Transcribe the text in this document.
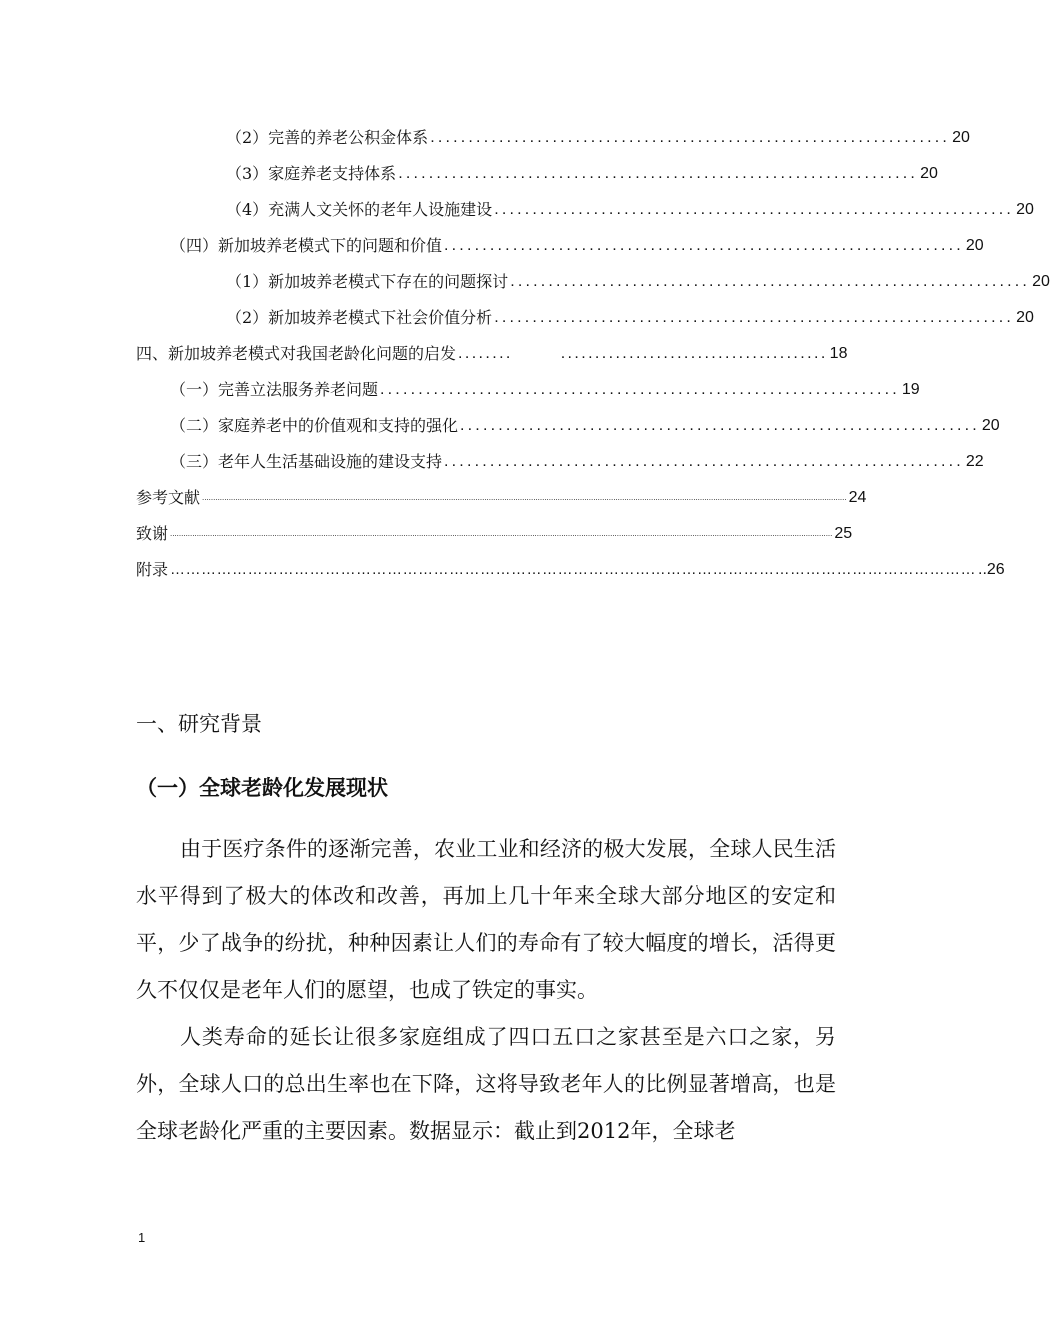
（2）完善的养老公积金体系 .................................................................... 20
（3）家庭养老支持体系 .................................................................... 20
（4）充满人文关怀的老年人设施建设 .................................................................... 20
（四）新加坡养老模式下的问题和价值 .................................................................... 20
（1）新加坡养老模式下存在的问题探讨 .................................................................... 20
（2）新加坡养老模式下社会价值分析 .................................................................... 20
四、新加坡养老模式对我国老龄化问题的启发 ........       ....................................... 18
（一）完善立法服务养老问题 .................................................................... 19
（二）家庭养老中的价值观和支持的强化 .................................................................... 20
（三）老年人生活基础设施的建设支持 .................................................................... 22
参考文献 .................................................................................................................................................................................................................................................................................................. 24
致谢 .......................................................................................................................................................................................................................................................................................................... 25
附录 ………………………………………………………………………………………………………………………………………… ..26
一、研究背景
（一）全球老龄化发展现状

由于医疗条件的逐渐完善，农业工业和经济的极大发展，全球人民生活水平得到了极大的体改和改善，再加上几十年来全球大部分地区的安定和平，少了战争的纷扰，种种因素让人们的寿命有了较大幅度的增长，活得更久不仅仅是老年人们的愿望，也成了铁定的事实。

人类寿命的延长让很多家庭组成了四口五口之家甚至是六口之家，另外，全球人口的总出生率也在下降，这将导致老年人的比例显著增高，也是全球老龄化严重的主要因素。数据显示：截止到2012年，全球老

1
